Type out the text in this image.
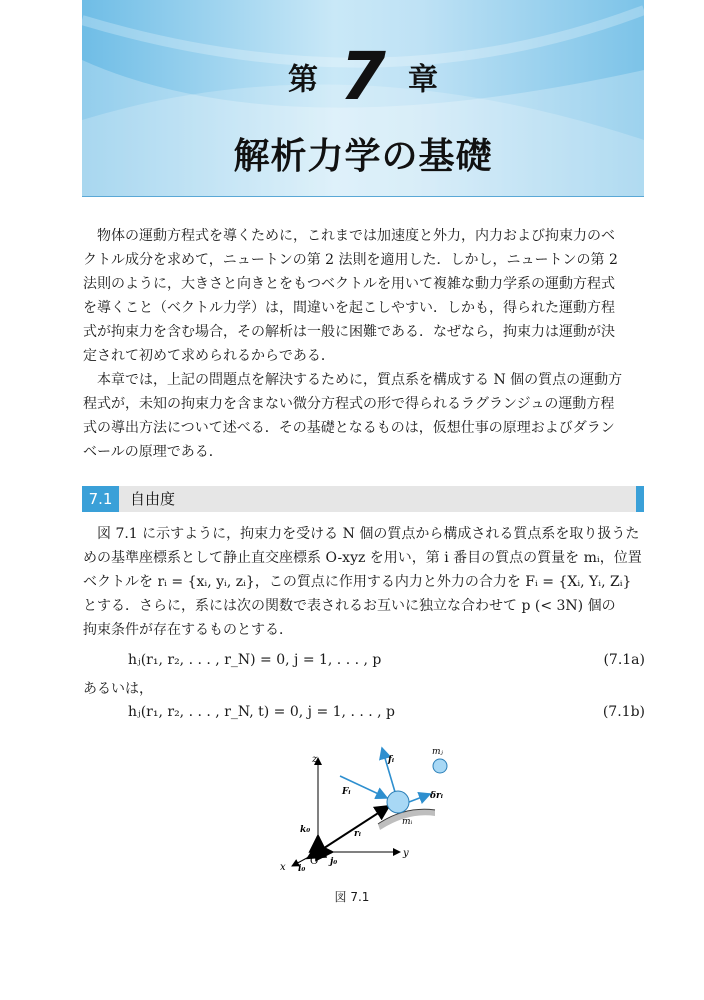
第 7 章
解析力学の基礎

物体の運動方程式を導くために，これまでは加速度と外力，内力および拘束力のベ

クトル成分を求めて，ニュートンの第 2 法則を適用した．しかし，ニュートンの第 2

法則のように，大きさと向きとをもつベクトルを用いて複雑な動力学系の運動方程式

を導くこと（ベクトル力学）は，間違いを起こしやすい．しかも，得られた運動方程

式が拘束力を含む場合，その解析は一般に困難である．なぜなら，拘束力は運動が決

定されて初めて求められるからである．

本章では，上記の問題点を解決するために，質点系を構成する N 個の質点の運動方

程式が，未知の拘束力を含まない微分方程式の形で得られるラグランジュの運動方程

式の導出方法について述べる．その基礎となるものは，仮想仕事の原理およびダラン

ベールの原理である．

7.1	自由度

図 7.1 に示すように，拘束力を受ける N 個の質点から構成される質点系を取り扱うた

めの基準座標系として静止直交座標系 O-xyz を用い，第 i 番目の質点の質量を mᵢ，位置

ベクトルを rᵢ = {xᵢ, yᵢ, zᵢ}，この質点に作用する内力と外力の合力を Fᵢ = {Xᵢ, Yᵢ, Zᵢ}

とする．さらに，系には次の関数で表されるお互いに独立な合わせて p (< 3N) 個の

拘束条件が存在するものとする．

hⱼ(r₁, r₂, . . . , r_N) = 0, j = 1, . . . , p	(7.1a)
あるいは，
hⱼ(r₁, r₂, . . . , r_N, t) = 0, j = 1, . . . , p	(7.1b)
z
y
x
O
k₀
j₀
i₀
rᵢ
Fᵢ
fᵢ
mᵢ
mⱼ
δrᵢ
図 7.1
